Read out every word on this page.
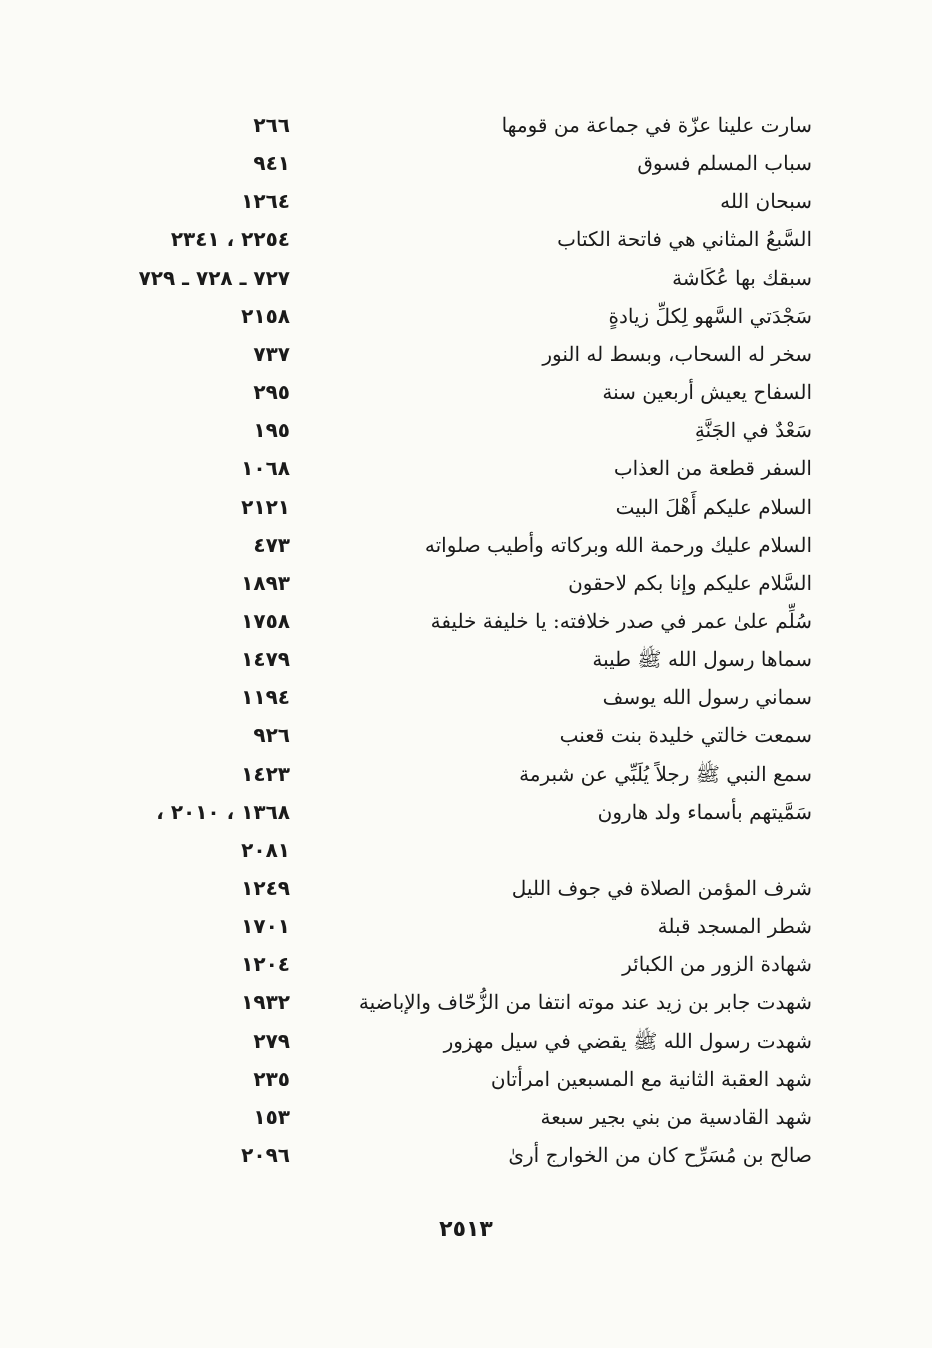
سارت علينا عزّة في جماعة من قومها
٢٦٦
سباب المسلم فسوق
٩٤١
سبحان الله
١٢٦٤
السَّبعُ المثاني هي فاتحة الكتاب
٢٢٥٤ ، ٢٣٤١
سبقك بها عُكَاشة
٧٢٧ ـ ٧٢٨ ـ ٧٢٩
سَجْدَتي السَّهو لِكلِّ زيادةٍ
٢١٥٨
سخر له السحاب، وبسط له النور
٧٣٧
السفاح يعيش أربعين سنة
٢٩٥
سَعْدٌ في الجَنَّةِ
١٩٥
السفر قطعة من العذاب
١٠٦٨
السلام عليكم أَهْلَ البيت
٢١٢١
السلام عليك ورحمة الله وبركاته وأطيب صلواته
٤٧٣
السَّلام عليكم وإنا بكم لاحقون
١٨٩٣
سُلِّم علىٰ عمر في صدر خلافته: يا خليفة خليفة
١٧٥٨
سماها رسول الله ﷺ طيبة
١٤٧٩
سماني رسول الله يوسف
١١٩٤
سمعت خالتي خليدة بنت قعنب
٩٢٦
سمع النبي ﷺ رجلاً يُلَبِّي عن شبرمة
١٤٢٣
سَمَّيتهم بأسماء ولد هارون
١٣٦٨ ، ٢٠١٠ ،
٢٠٨١
شرف المؤمن الصلاة في جوف الليل
١٢٤٩
شطر المسجد قبلة
١٧٠١
شهادة الزور من الكبائر
١٢٠٤
شهدت جابر بن زيد عند موته انتفا من الزُّحّاف والإباضية
١٩٣٢
شهدت رسول الله ﷺ يقضي في سيل مهزور
٢٧٩
شهد العقبة الثانية مع المسبعين امرأتان
٢٣٥
شهد القادسية من بني بجير سبعة
١٥٣
صالح بن مُسَرِّح كان من الخوارج أرىٰ
٢٠٩٦
٢٥١٣
